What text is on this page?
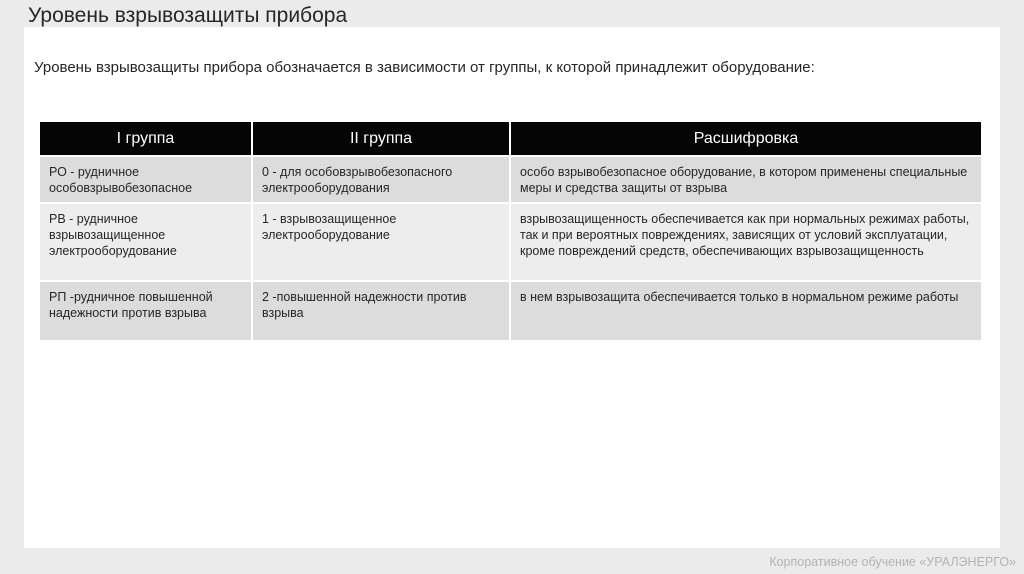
Уровень взрывозащиты прибора
Уровень взрывозащиты прибора обозначается в зависимости от группы, к которой принадлежит оборудование:
I группа	II группа	Расшифровка
РО - рудничное особовзрывобезопасное	0 - для особовзрывобезопасного электрооборудования	особо взрывобезопасное оборудование, в котором применены специальные меры и средства защиты от взрыва
РВ - рудничное взрывозащищенное электрооборудование	1 - взрывозащищенное электрооборудование	взрывозащищенность обеспечивается как при нормальных режимах работы, так и при вероятных повреждениях, зависящих от условий эксплуатации, кроме повреждений средств, обеспечивающих взрывозащищенность
РП -рудничное повышенной надежности против взрыва	2 -повышенной надежности против взрыва	в нем взрывозащита обеспечивается только в нормальном режиме работы
Корпоративное обучение «УРАЛЭНЕРГО»
